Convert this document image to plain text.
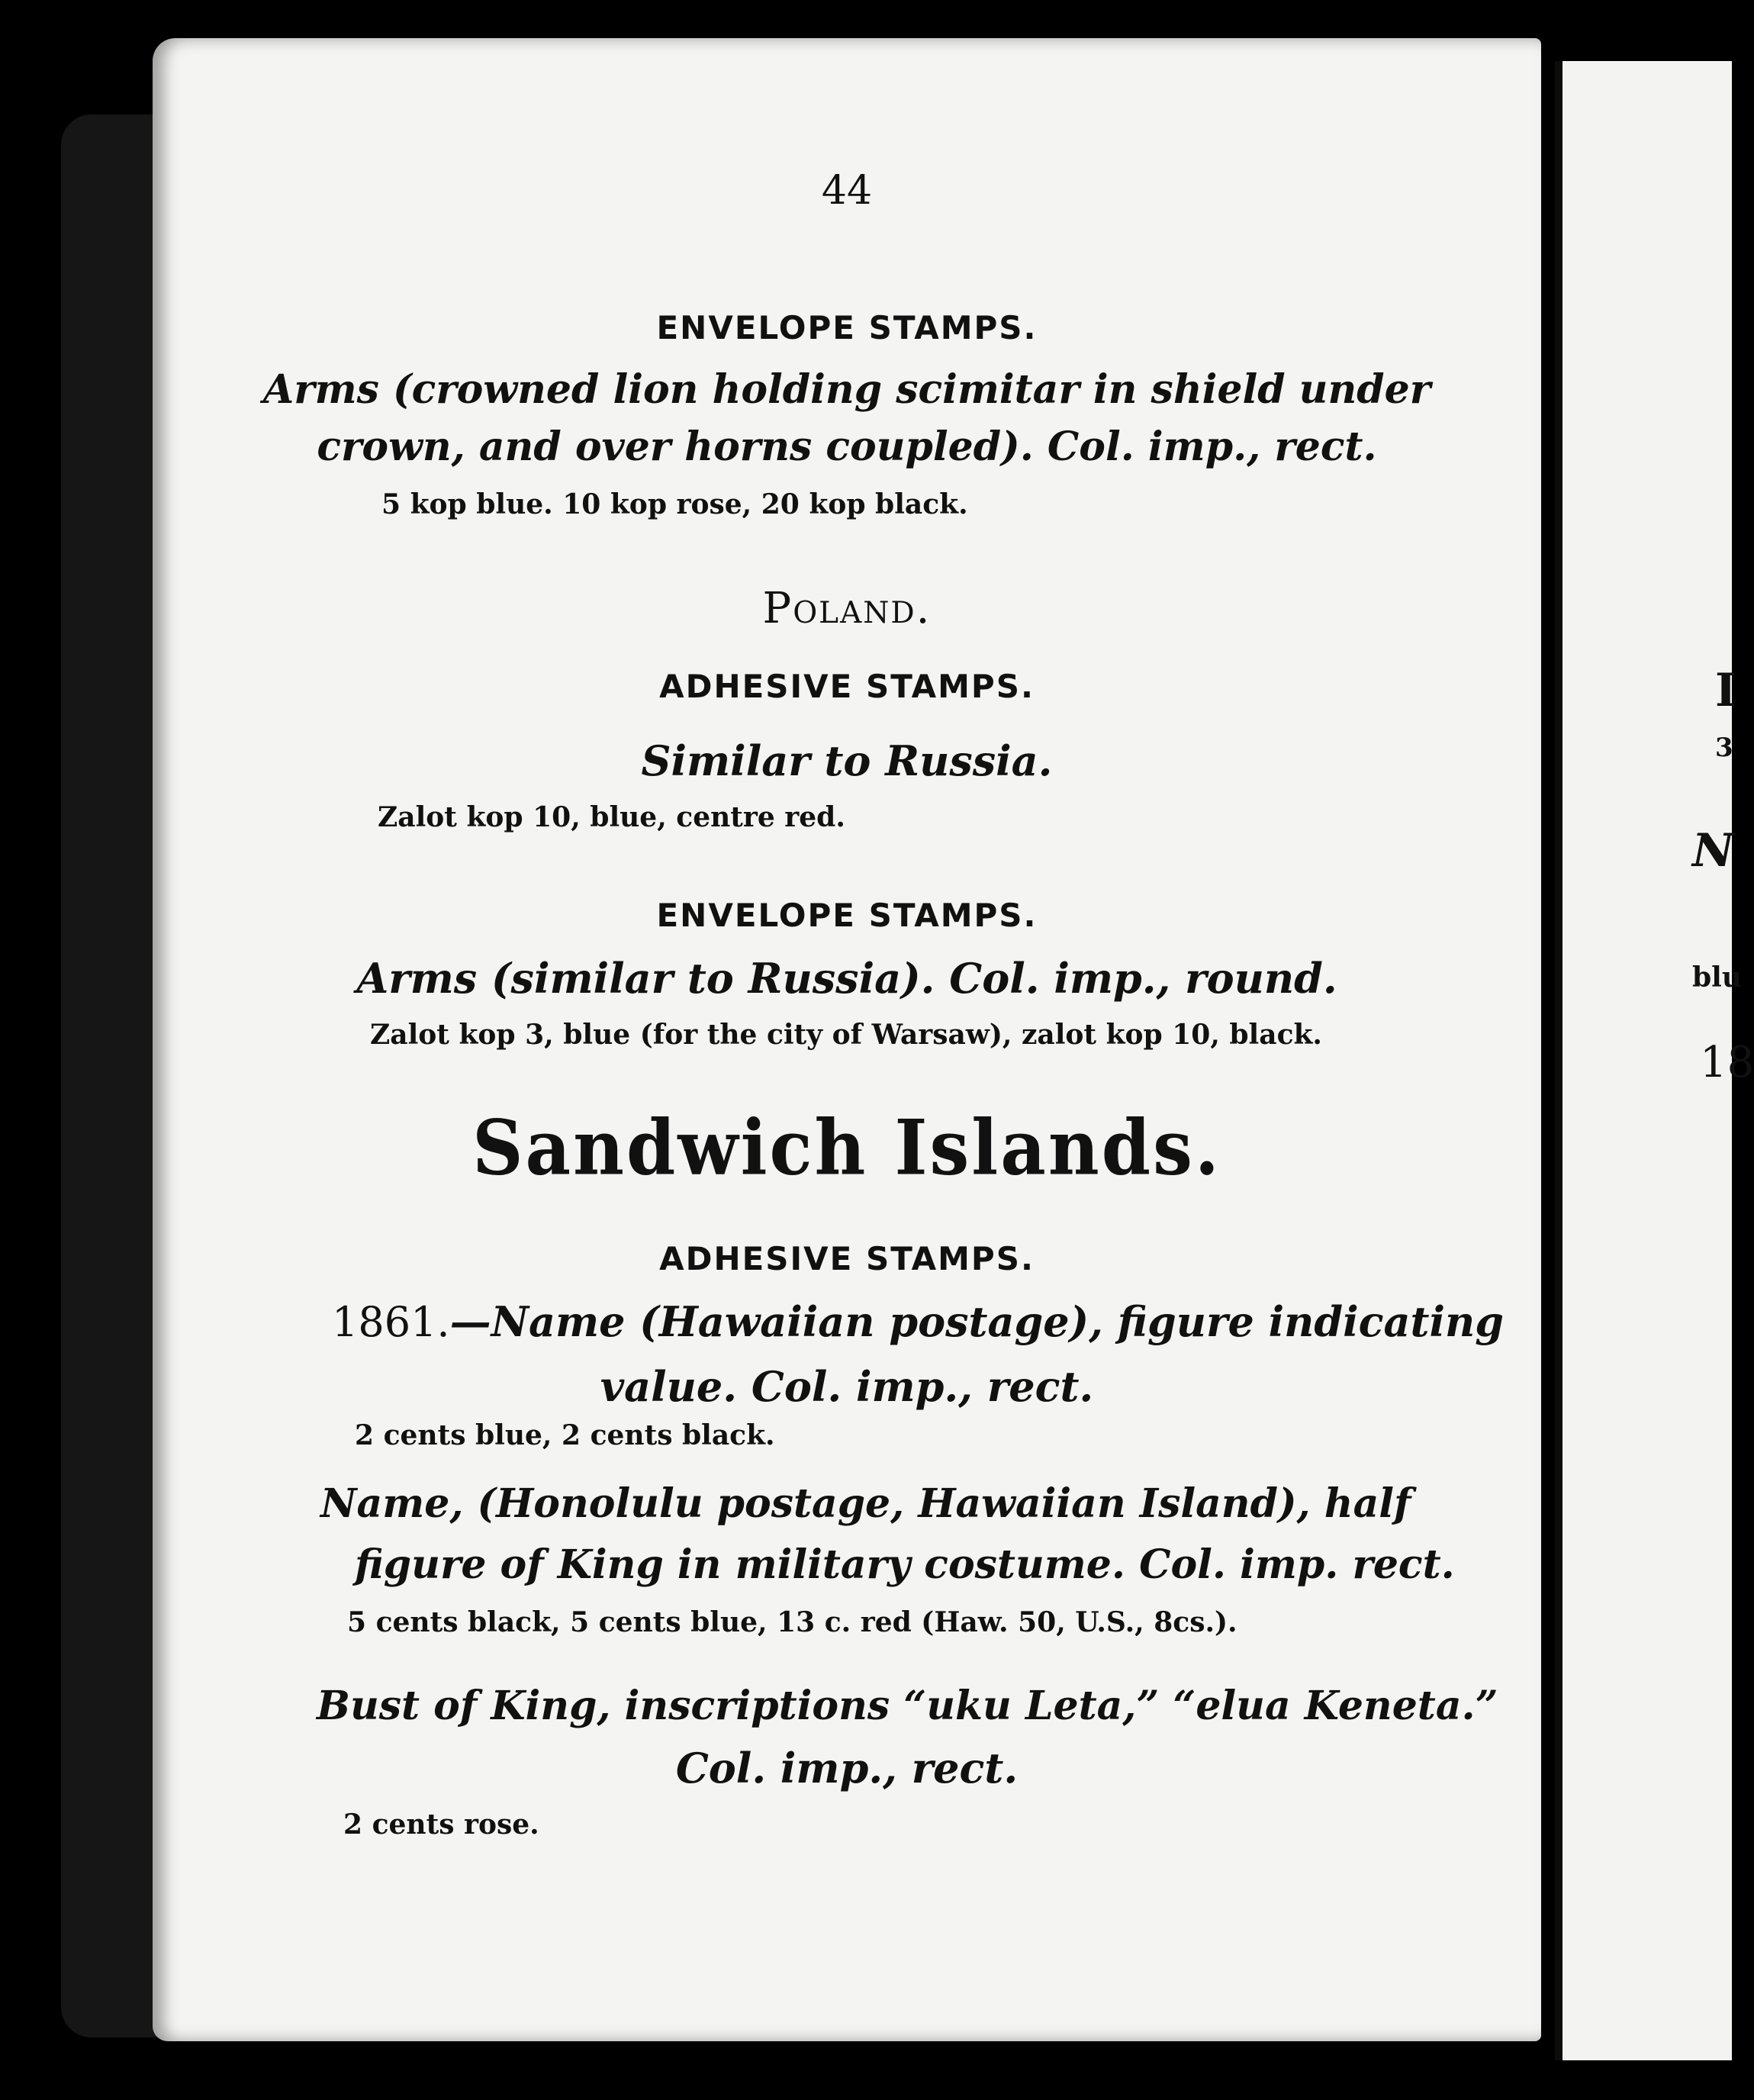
44
ENVELOPE STAMPS.
Arms (crowned lion holding scimitar in shield under
crown, and over horns coupled). Col. imp., rect.
5 kop blue. 10 kop rose, 20 kop black.
Poland.
ADHESIVE STAMPS.
Similar to Russia.
Zalot kop 10, blue, centre red.
ENVELOPE STAMPS.
Arms (similar to Russia). Col. imp., round.
Zalot kop 3, blue (for the city of Warsaw), zalot kop 10, black.
Sandwich Islands.
ADHESIVE STAMPS.
1861.—Name (Hawaiian postage), figure indicating
value. Col. imp., rect.
2 cents blue, 2 cents black.
Name, (Honolulu postage, Hawaiian Island), half
figure of King in military costume. Col. imp. rect.
5 cents black, 5 cents blue, 13 c. red (Haw. 50, U.S., 8cs.).
Bust of King, inscriptions “uku Leta,” “elua Keneta.”
Col. imp., rect.
2 cents rose.
I
3
N
blu
18
